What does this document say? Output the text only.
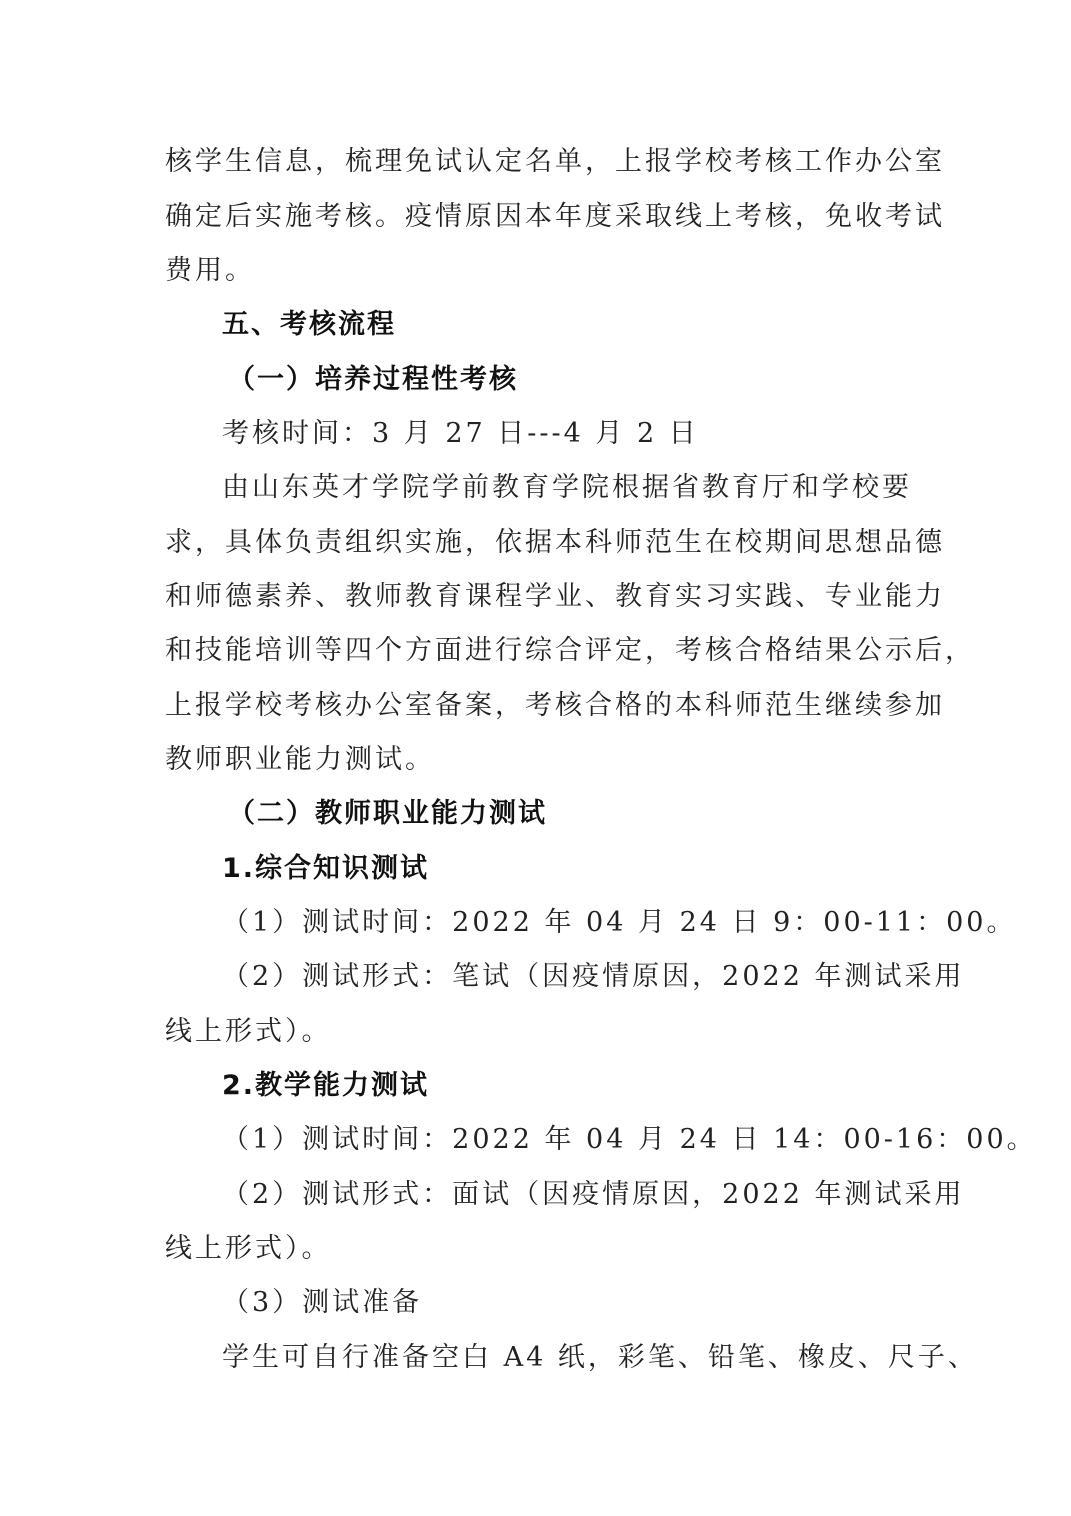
核学生信息，梳理免试认定名单，上报学校考核工作办公室

确定后实施考核。疫情原因本年度采取线上考核，免收考试

费用。

五、考核流程

（一）培养过程性考核

考核时间：3 月 27 日---4 月 2 日

由山东英才学院学前教育学院根据省教育厅和学校要

求，具体负责组织实施，依据本科师范生在校期间思想品德

和师德素养、教师教育课程学业、教育实习实践、专业能力

和技能培训等四个方面进行综合评定，考核合格结果公示后，

上报学校考核办公室备案，考核合格的本科师范生继续参加

教师职业能力测试。

（二）教师职业能力测试

1.综合知识测试

（1）测试时间：2022 年 04 月 24 日 9：00-11：00。

（2）测试形式：笔试（因疫情原因，2022 年测试采用

线上形式）。

2.教学能力测试

（1）测试时间：2022 年 04 月 24 日 14：00-16：00。

（2）测试形式：面试（因疫情原因，2022 年测试采用

线上形式）。

（3）测试准备

学生可自行准备空白 A4 纸，彩笔、铅笔、橡皮、尺子、
